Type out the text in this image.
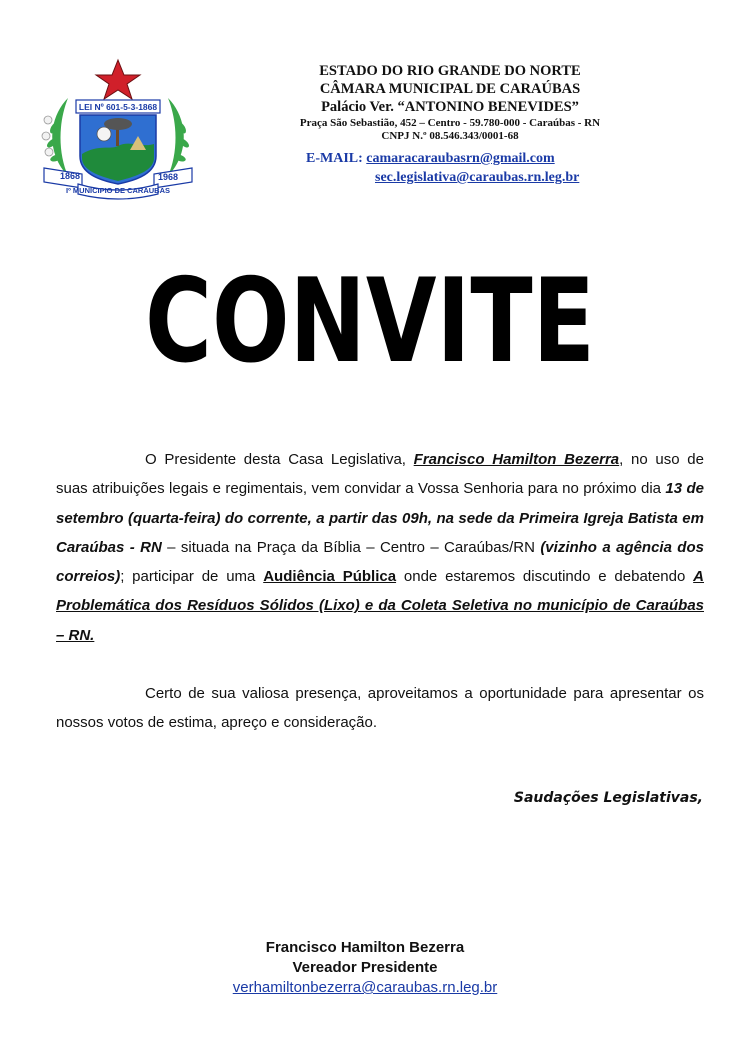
LEI Nº 601-5-3-1868
1868	1968
Iº MUNICIPIO DE CARAUBAS
ESTADO DO RIO GRANDE DO NORTE
CÂMARA MUNICIPAL DE CARAÚBAS
Palácio Ver. “ANTONINO BENEVIDES”
Praça São Sebastião, 452 – Centro - 59.780-000 - Caraúbas - RN
CNPJ N.º 08.546.343/0001-68
E-MAIL: camaracaraubasrn@gmail.com
sec.legislativa@caraubas.rn.leg.br
CONVITE

O Presidente desta Casa Legislativa, Francisco Hamilton Bezerra, no uso de suas atribuições legais e regimentais, vem convidar a Vossa Senhoria para no próximo dia 13 de setembro (quarta-feira) do corrente, a partir das 09h, na sede da Primeira Igreja Batista em Caraúbas - RN – situada na Praça da Bíblia – Centro – Caraúbas/RN (vizinho a agência dos correios); participar de uma Audiência Pública onde estaremos discutindo e debatendo A Problemática dos Resíduos Sólidos (Lixo) e da Coleta Seletiva no município de Caraúbas – RN.

Certo de sua valiosa presença, aproveitamos a oportunidade para apresentar os nossos votos de estima, apreço e consideração.

Saudações Legislativas,
Francisco Hamilton Bezerra
Vereador Presidente
verhamiltonbezerra@caraubas.rn.leg.br
